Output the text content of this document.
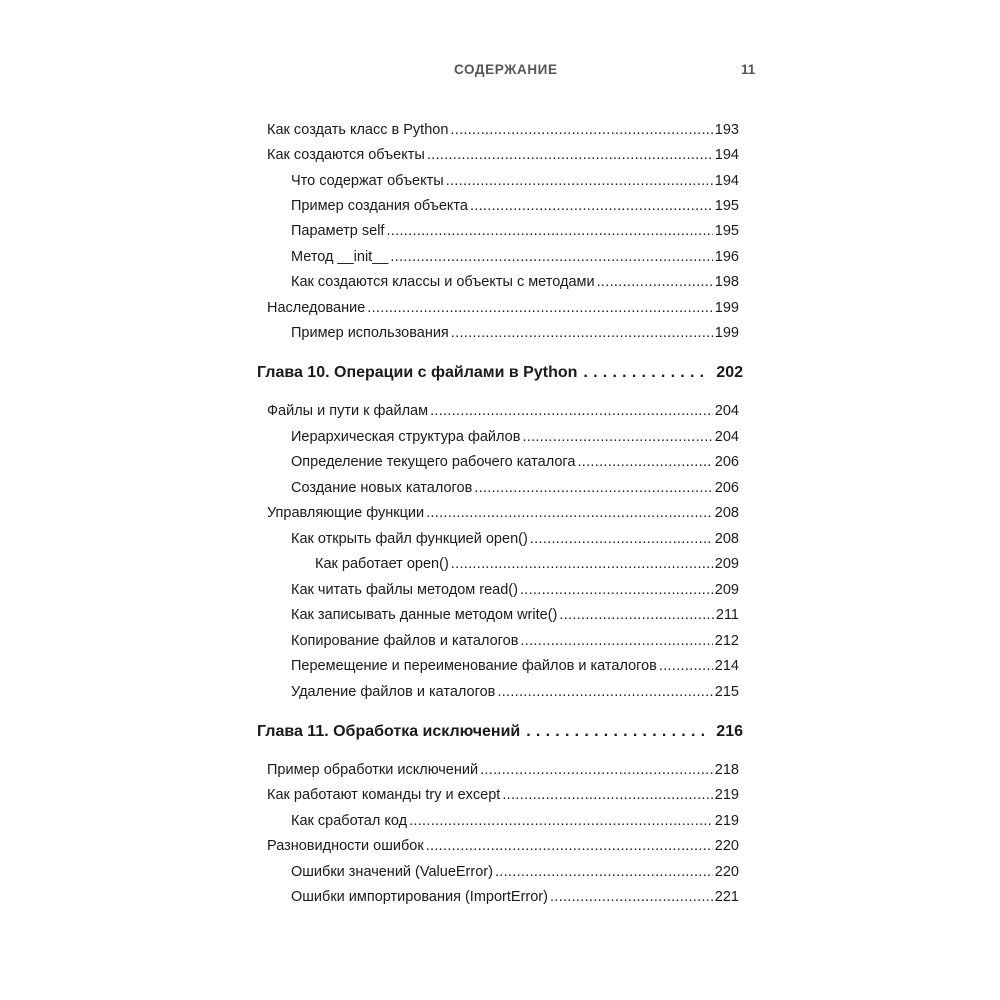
СОДЕРЖАНИЕ	11
Как создать класс в Python .....	193
Как создаются объекты .....	194
Что содержат объекты .....	194
Пример создания объекта .....	195
Параметр self .....	195
Метод __init__ .....	196
Как создаются классы и объекты с методами .....	198
Наследование .....	199
Пример использования .....	199
Глава 10. Операции с файлами в Python . . .	202
Файлы и пути к файлам .....	204
Иерархическая структура файлов .....	204
Определение текущего рабочего каталога .....	206
Создание новых каталогов .....	206
Управляющие функции .....	208
Как открыть файл функцией open() .....	208
Как работает open() .....	209
Как читать файлы методом read() .....	209
Как записывать данные методом write() .....	211
Копирование файлов и каталогов .....	212
Перемещение и переименование файлов и каталогов .....	214
Удаление файлов и каталогов .....	215
Глава 11. Обработка исключений . . .	216
Пример обработки исключений .....	218
Как работают команды try и except .....	219
Как сработал код .....	219
Разновидности ошибок .....	220
Ошибки значений (ValueError) .....	220
Ошибки импортирования (ImportError) .....	221
